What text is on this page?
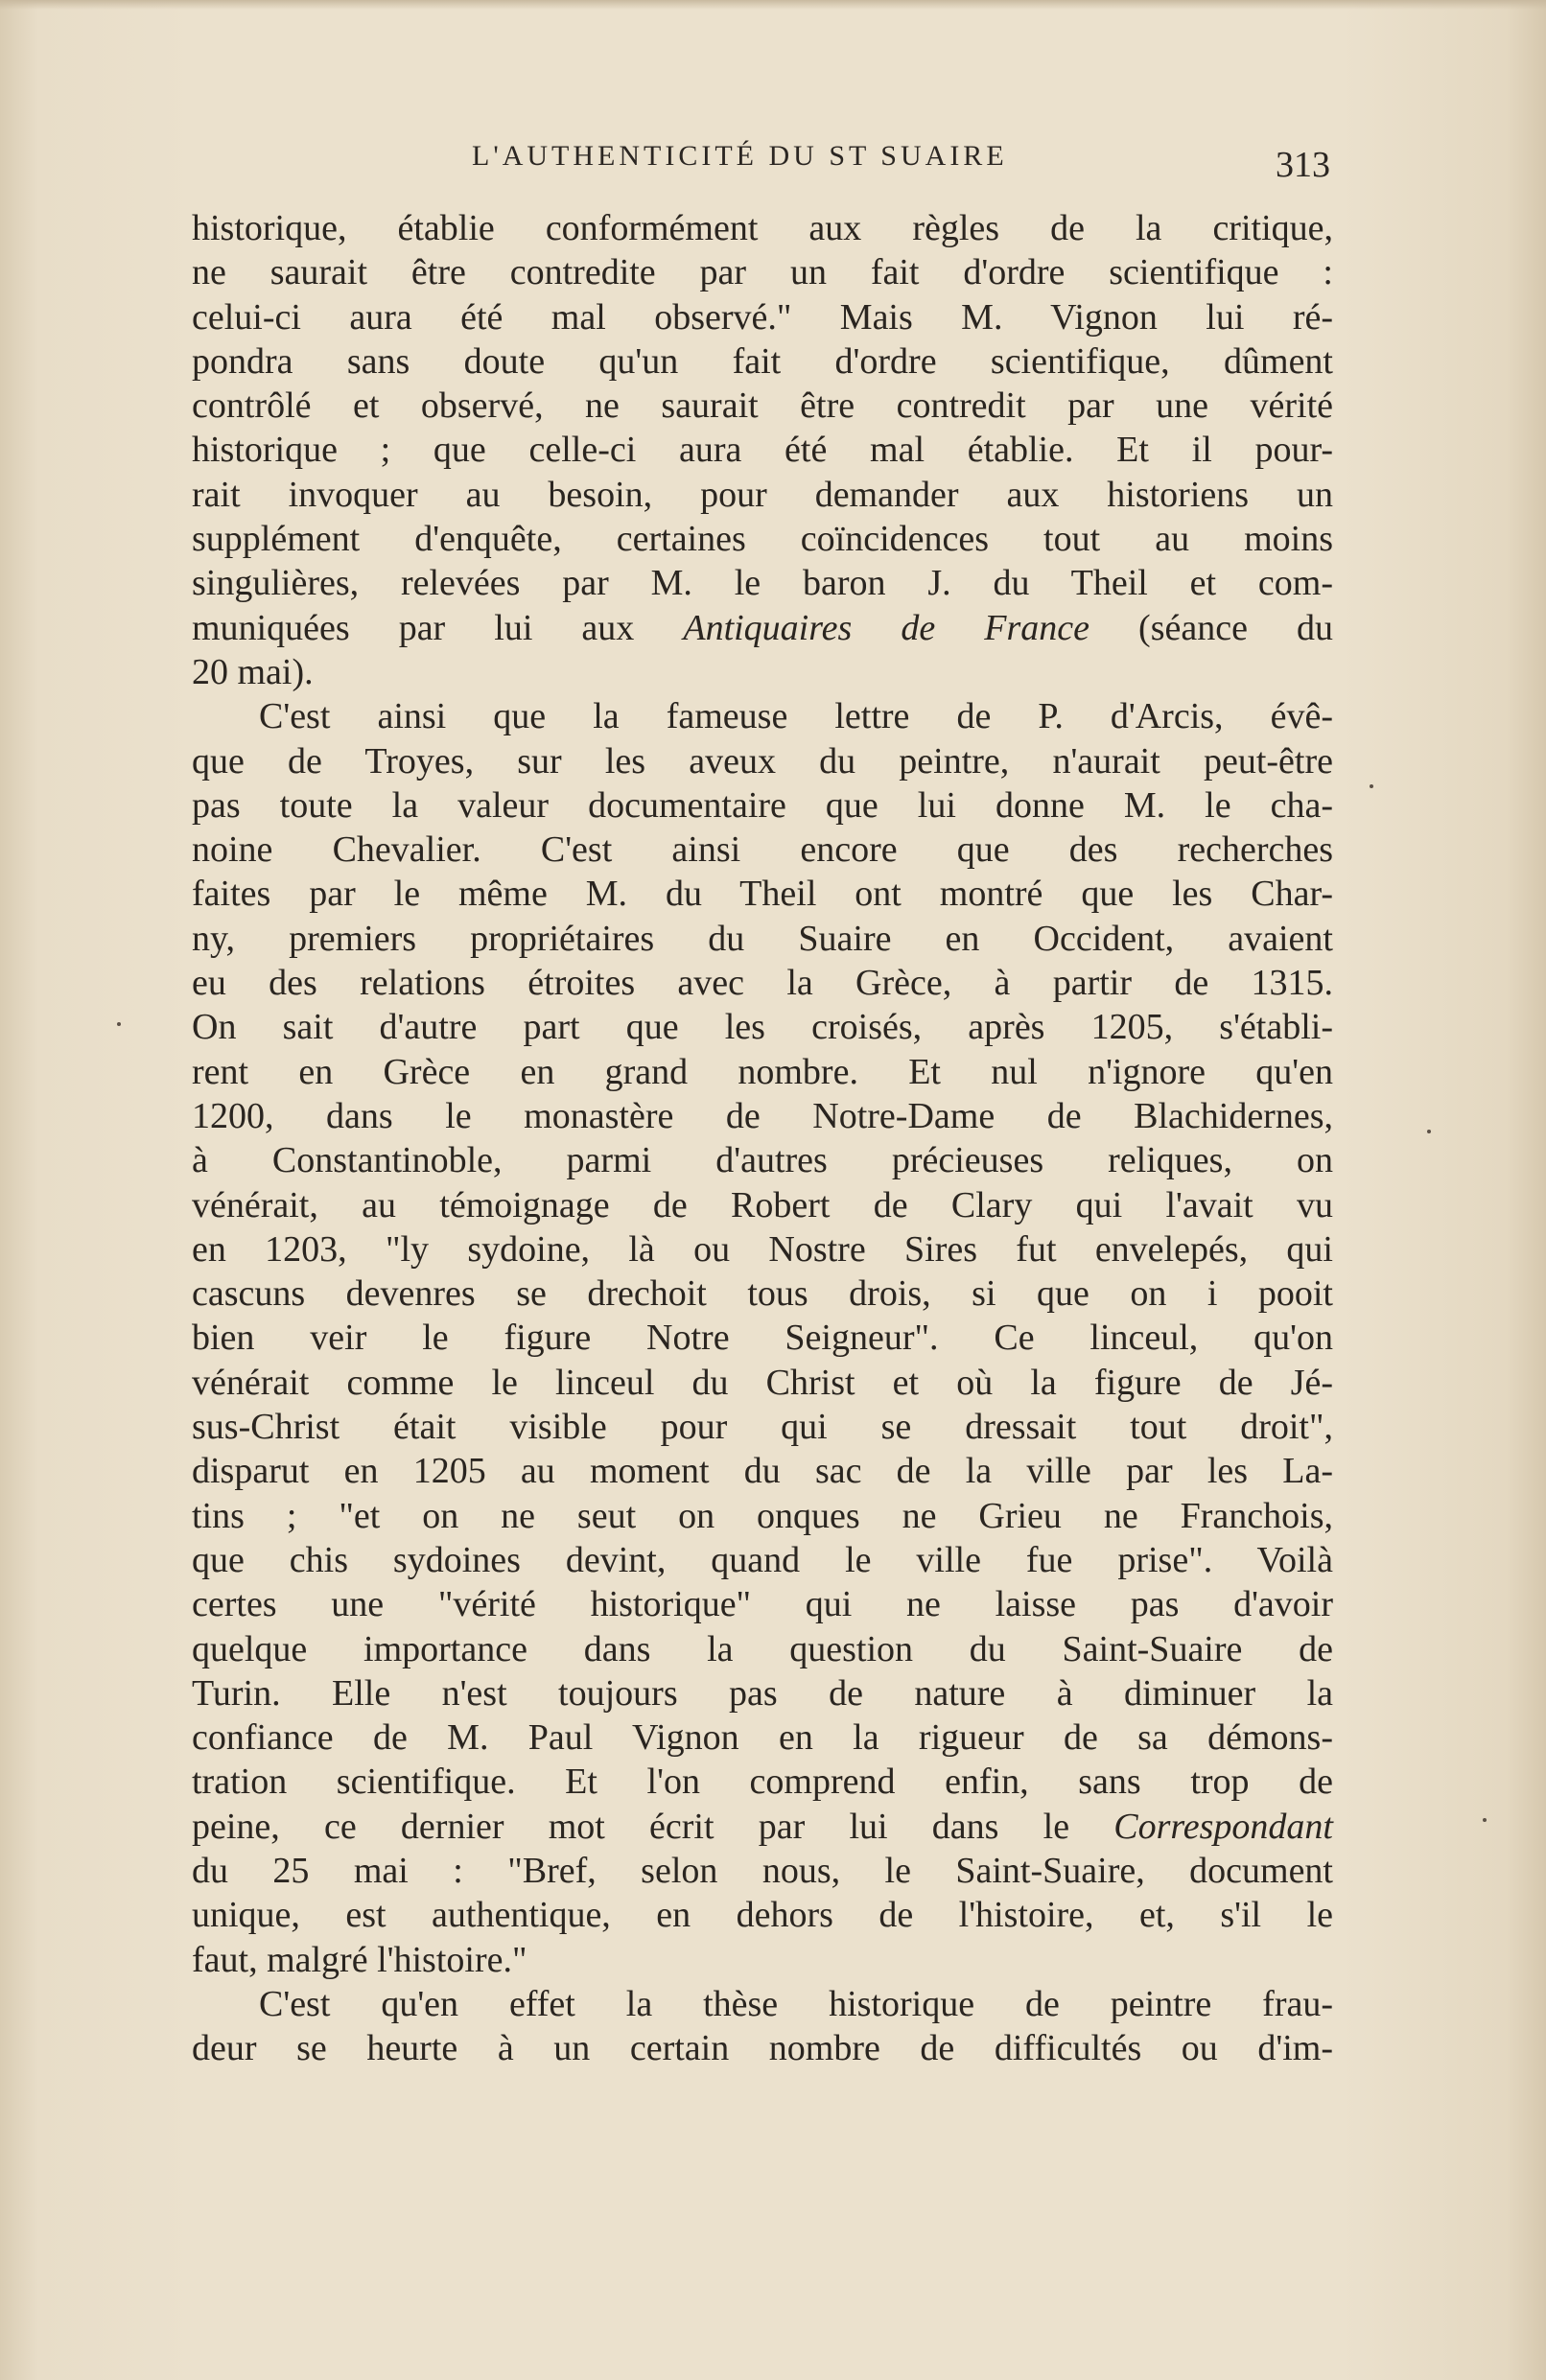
L'AUTHENTICITÉ DU ST SUAIRE	313
historique, établie conformément aux règles de la critique,
ne saurait être contredite par un fait d'ordre scientifique :
celui-ci aura été mal observé." Mais M. Vignon lui ré-
pondra sans doute qu'un fait d'ordre scientifique, dûment
contrôlé et observé, ne saurait être contredit par une vérité
historique ; que celle-ci aura été mal établie. Et il pour-
rait invoquer au besoin, pour demander aux historiens un
supplément d'enquête, certaines coïncidences tout au moins
singulières, relevées par M. le baron J. du Theil et com-
muniquées par lui aux Antiquaires de France (séance du
20 mai).
C'est ainsi que la fameuse lettre de P. d'Arcis, évê-
que de Troyes, sur les aveux du peintre, n'aurait peut-être
pas toute la valeur documentaire que lui donne M. le cha-
noine Chevalier. C'est ainsi encore que des recherches
faites par le même M. du Theil ont montré que les Char-
ny, premiers propriétaires du Suaire en Occident, avaient
eu des relations étroites avec la Grèce, à partir de 1315.
On sait d'autre part que les croisés, après 1205, s'établi-
rent en Grèce en grand nombre. Et nul n'ignore qu'en
1200, dans le monastère de Notre-Dame de Blachidernes,
à Constantinoble, parmi d'autres précieuses reliques, on
vénérait, au témoignage de Robert de Clary qui l'avait vu
en 1203, "ly sydoine, là ou Nostre Sires fut envelepés, qui
cascuns devenres se drechoit tous drois, si que on i pooit
bien veir le figure Notre Seigneur". Ce linceul, qu'on
vénérait comme le linceul du Christ et où la figure de Jé-
sus-Christ était visible pour qui se dressait tout droit",
disparut en 1205 au moment du sac de la ville par les La-
tins ; "et on ne seut on onques ne Grieu ne Franchois,
que chis sydoines devint, quand le ville fue prise". Voilà
certes une "vérité historique" qui ne laisse pas d'avoir
quelque importance dans la question du Saint-Suaire de
Turin. Elle n'est toujours pas de nature à diminuer la
confiance de M. Paul Vignon en la rigueur de sa démons-
tration scientifique. Et l'on comprend enfin, sans trop de
peine, ce dernier mot écrit par lui dans le Correspondant
du 25 mai : "Bref, selon nous, le Saint-Suaire, document
unique, est authentique, en dehors de l'histoire, et, s'il le
faut, malgré l'histoire."
C'est qu'en effet la thèse historique de peintre frau-
deur se heurte à un certain nombre de difficultés ou d'im-
